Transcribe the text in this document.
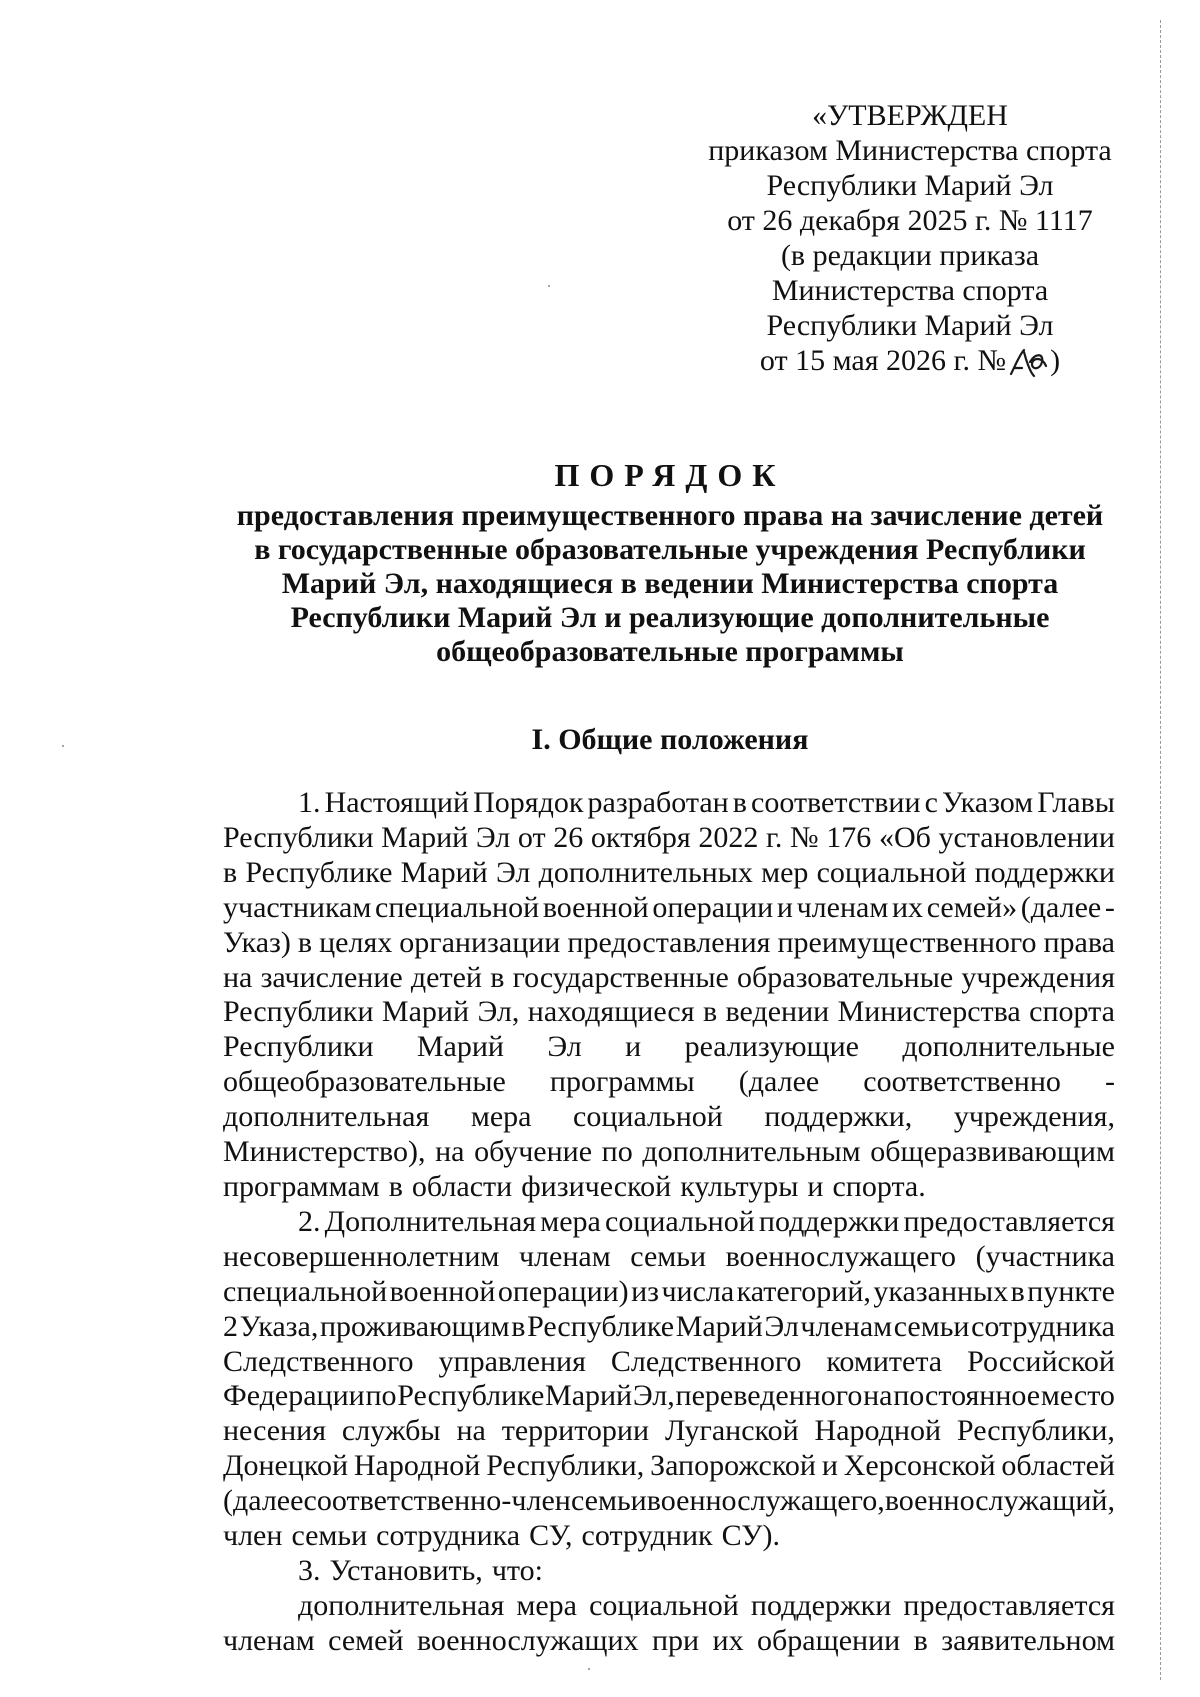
«УТВЕРЖДЕН
приказом Министерства спорта
Республики Марий Эл
от 26 декабря 2025 г. № 1117
(в редакции приказа
Министерства спорта
Республики Марий Эл
от 15 мая 2026 г. № )
ПОРЯДОК
предоставления преимущественного права на зачисление детей
в государственные образовательные учреждения Республики
Марий Эл, находящиеся в ведении Министерства спорта
Республики Марий Эл и реализующие дополнительные
общеобразовательные программы
I. Общие положения
1. Настоящий Порядок разработан в соответствии с Указом Главы
Республики Марий Эл от 26 октября 2022 г. № 176 «Об установлении
в Республике Марий Эл дополнительных мер социальной поддержки
участникам специальной военной операции и членам их семей» (далее -
Указ) в целях организации предоставления преимущественного права
на зачисление детей в государственные образовательные учреждения
Республики Марий Эл, находящиеся в ведении Министерства спорта
Республики Марий Эл и реализующие дополнительные
общеобразовательные программы (далее соответственно -
дополнительная мера социальной поддержки, учреждения,
Министерство), на обучение по дополнительным общеразвивающим
программам в области физической культуры и спорта.
2. Дополнительная мера социальной поддержки предоставляется
несовершеннолетним членам семьи военнослужащего (участника
специальной военной операции) из числа категорий, указанных в пункте
2 Указа, проживающим в Республике Марий Эл членам семьи сотрудника
Следственного управления Следственного комитета Российской
Федерации по Республике Марий Эл, переведенного на постоянное место
несения службы на территории Луганской Народной Республики,
Донецкой Народной Республики, Запорожской и Херсонской областей
(далее соответственно - член семьи военнослужащего, военнослужащий,
член семьи сотрудника СУ, сотрудник СУ).
3. Установить, что:
дополнительная мера социальной поддержки предоставляется
членам семей военнослужащих при их обращении в заявительном
